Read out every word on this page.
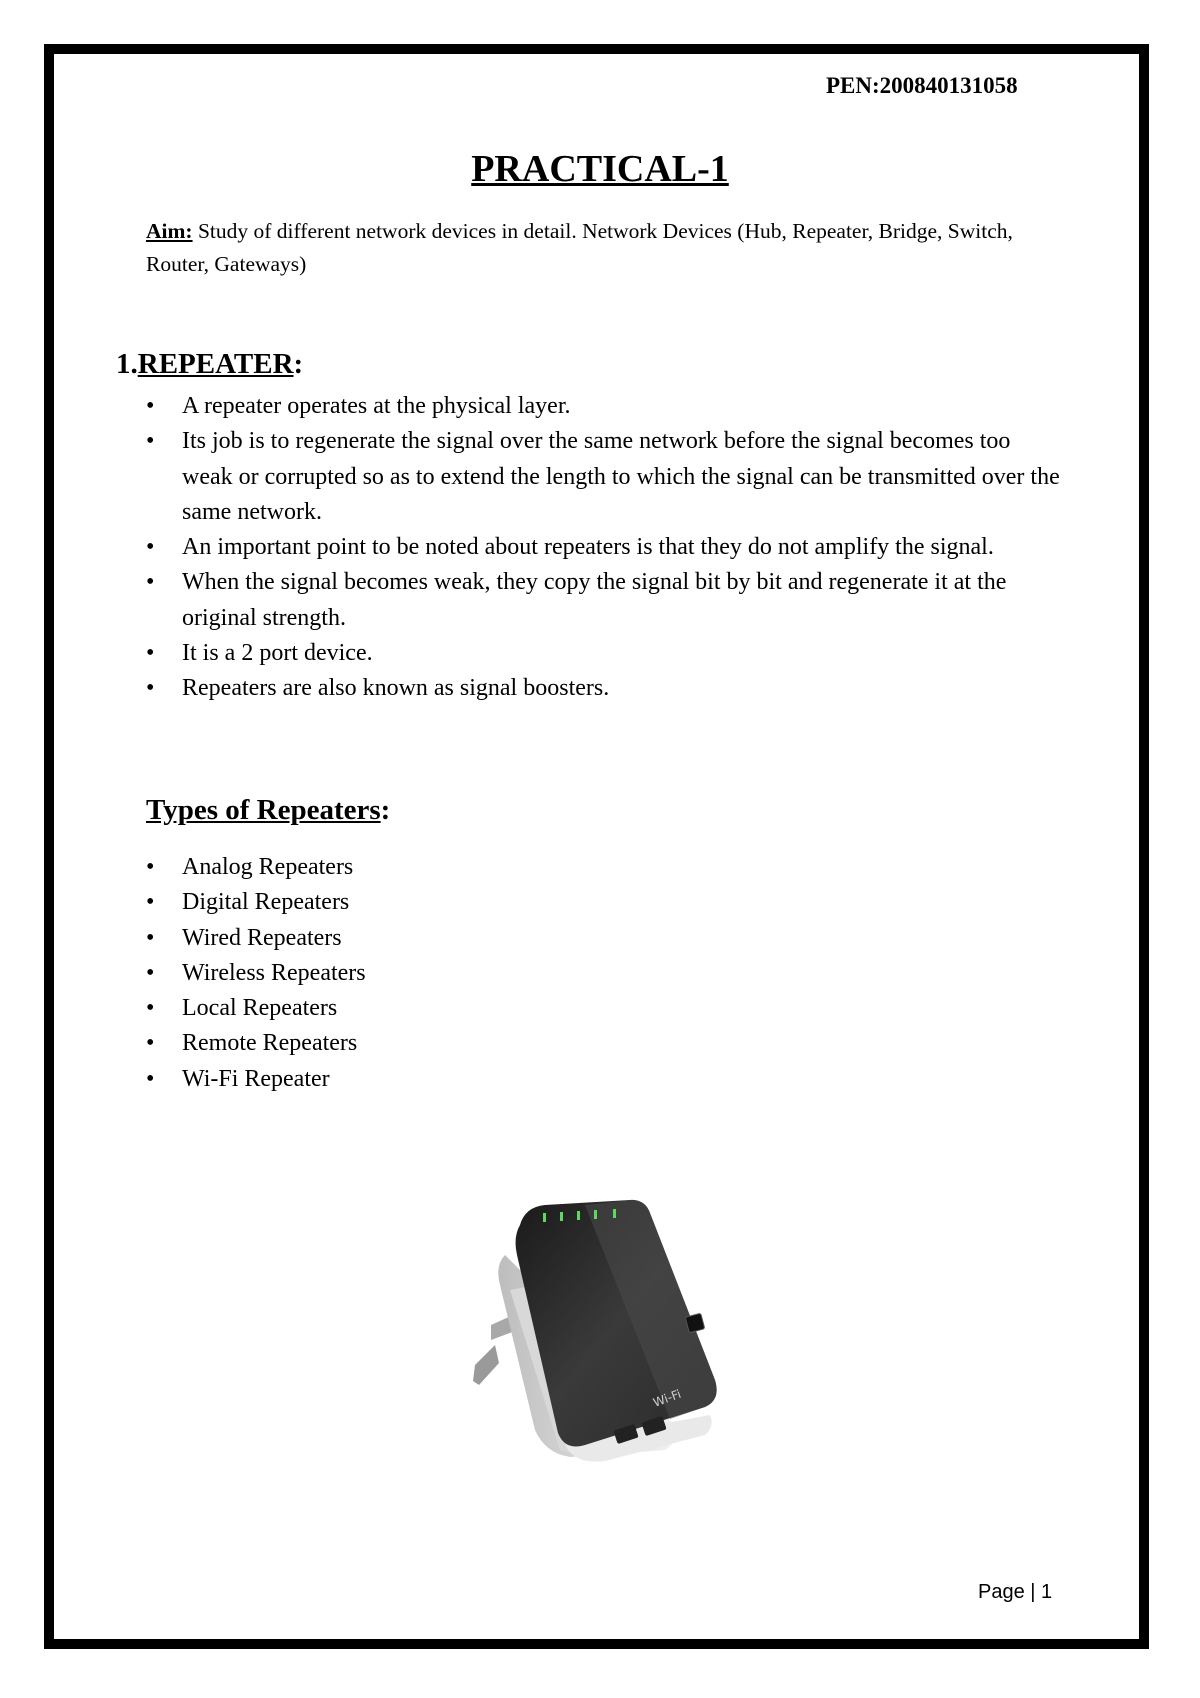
PEN:200840131058
PRACTICAL-1
Aim: Study of different network devices in detail. Network Devices (Hub, Repeater, Bridge, Switch, Router, Gateways)
1.REPEATER:
• A repeater operates at the physical layer.
• Its job is to regenerate the signal over the same network before the signal becomes too weak or corrupted so as to extend the length to which the signal can be transmitted over the same network.
• An important point to be noted about repeaters is that they do not amplify the signal.
• When the signal becomes weak, they copy the signal bit by bit and regenerate it at the original strength.
• It is a 2 port device.
• Repeaters are also known as signal boosters.
Types of Repeaters:
• Analog Repeaters
• Digital Repeaters
• Wired Repeaters
• Wireless Repeaters
• Local Repeaters
• Remote Repeaters
• Wi-Fi Repeater
Wi-Fi
Page | 1
